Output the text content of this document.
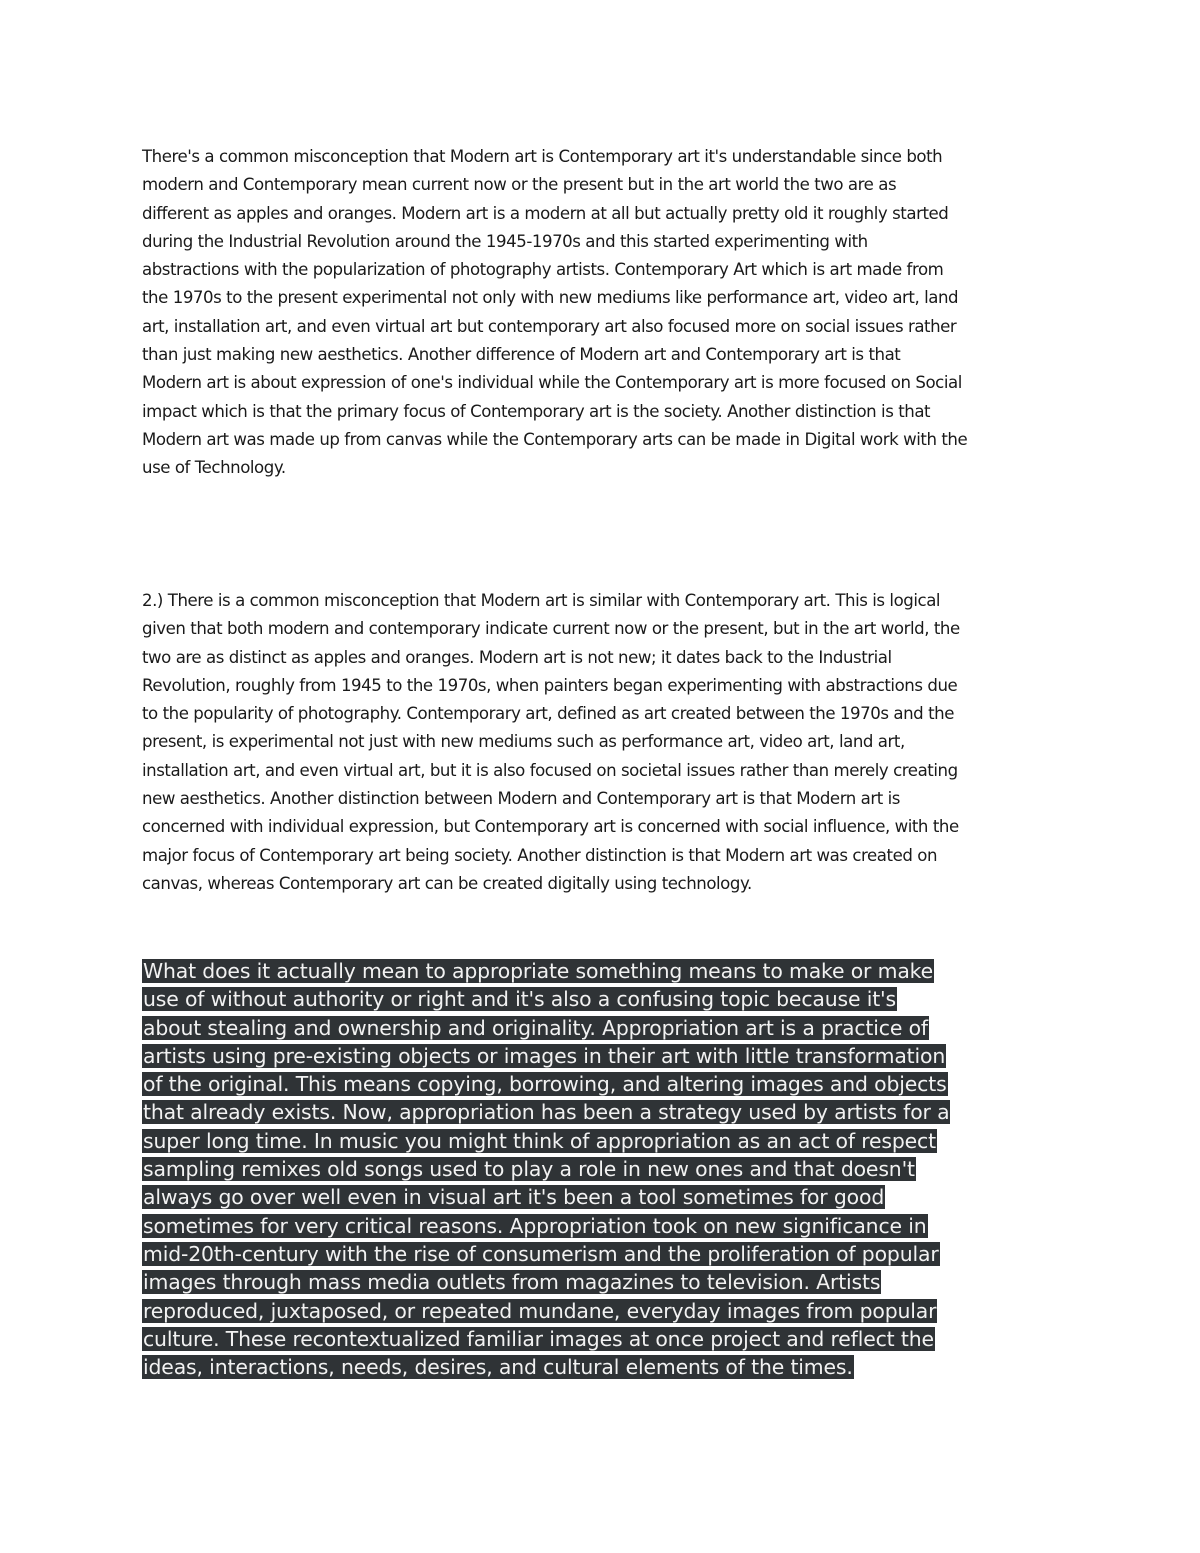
There's a common misconception that Modern art is Contemporary art it's understandable since both
modern and Contemporary mean current now or the present but in the art world the two are as
different as apples and oranges. Modern art is a modern at all but actually pretty old it roughly started
during the Industrial Revolution around the 1945-1970s and this started experimenting with
abstractions with the popularization of photography artists. Contemporary Art which is art made from
the 1970s to the present experimental not only with new mediums like performance art, video art, land
art, installation art, and even virtual art but contemporary art also focused more on social issues rather
than just making new aesthetics. Another difference of Modern art and Contemporary art is that
Modern art is about expression of one's individual while the Contemporary art is more focused on Social
impact which is that the primary focus of Contemporary art is the society. Another distinction is that
Modern art was made up from canvas while the Contemporary arts can be made in Digital work with the
use of Technology.
2.) There is a common misconception that Modern art is similar with Contemporary art. This is logical
given that both modern and contemporary indicate current now or the present, but in the art world, the
two are as distinct as apples and oranges. Modern art is not new; it dates back to the Industrial
Revolution, roughly from 1945 to the 1970s, when painters began experimenting with abstractions due
to the popularity of photography. Contemporary art, defined as art created between the 1970s and the
present, is experimental not just with new mediums such as performance art, video art, land art,
installation art, and even virtual art, but it is also focused on societal issues rather than merely creating
new aesthetics. Another distinction between Modern and Contemporary art is that Modern art is
concerned with individual expression, but Contemporary art is concerned with social influence, with the
major focus of Contemporary art being society. Another distinction is that Modern art was created on
canvas, whereas Contemporary art can be created digitally using technology.
What does it actually mean to appropriate something means to make or make
use of without authority or right and it's also a confusing topic because it's
about stealing and ownership and originality. Appropriation art is a practice of
artists using pre-existing objects or images in their art with little transformation
of the original. This means copying, borrowing, and altering images and objects
that already exists. Now, appropriation has been a strategy used by artists for a
super long time. In music you might think of appropriation as an act of respect
sampling remixes old songs used to play a role in new ones and that doesn't
always go over well even in visual art it's been a tool sometimes for good
sometimes for very critical reasons. Appropriation took on new significance in
mid-20th-century with the rise of consumerism and the proliferation of popular
images through mass media outlets from magazines to television. Artists
reproduced, juxtaposed, or repeated mundane, everyday images from popular
culture. These recontextualized familiar images at once project and reflect the
ideas, interactions, needs, desires, and cultural elements of the times.
